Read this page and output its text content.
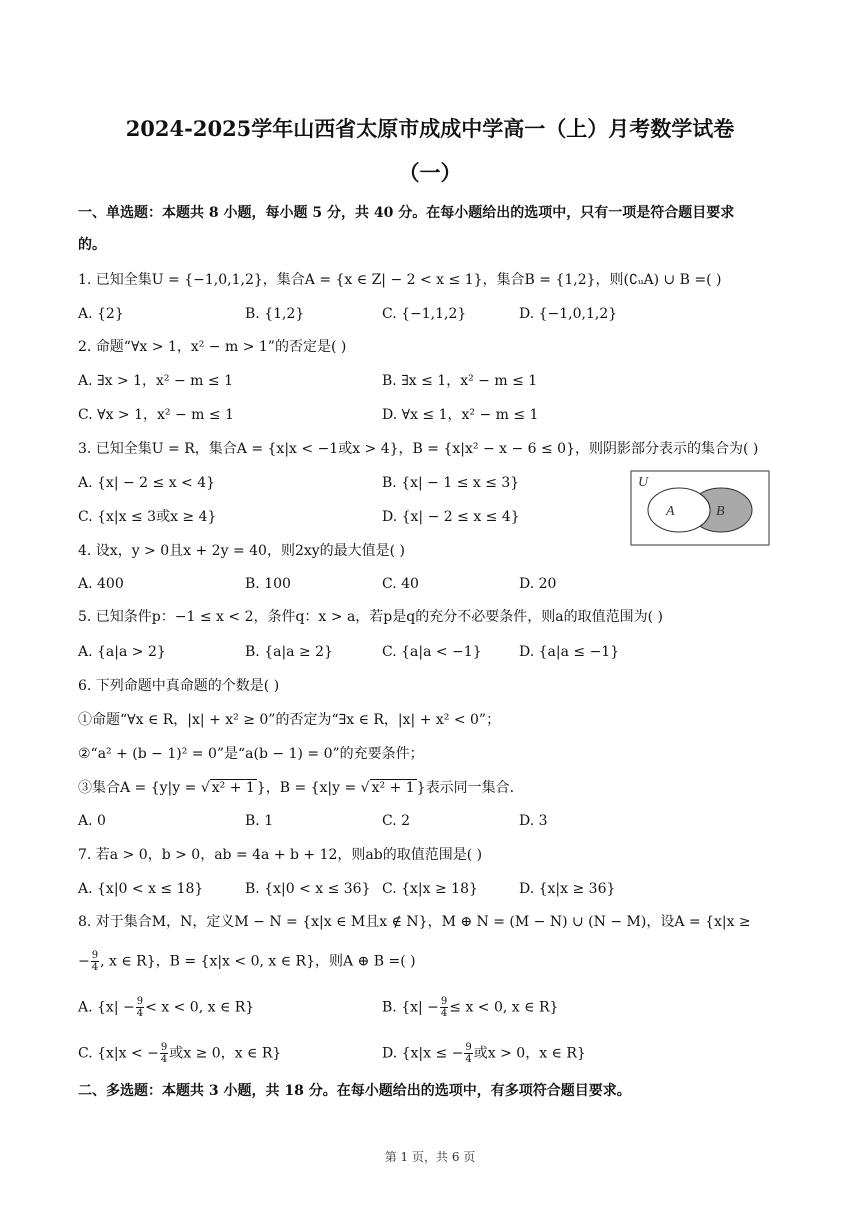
2024-2025学年山西省太原市成成中学高一（上）月考数学试卷
（一）
一、单选题：本题共 8 小题，每小题 5 分，共 40 分。在每小题给出的选项中，只有一项是符合题目要求
的。
1. 已知全集U = {−1,0,1,2}，集合A = {x ∈ Z| − 2 < x ≤ 1}，集合B = {1,2}，则(∁ᵤA) ∪ B =( )
A. {2}	B. {1,2}	C. {−1,1,2}	D. {−1,0,1,2}
2. 命题“∀x > 1，x² − m > 1”的否定是( )
A. ∃x > 1，x² − m ≤ 1	B. ∃x ≤ 1，x² − m ≤ 1
C. ∀x > 1，x² − m ≤ 1	D. ∀x ≤ 1，x² − m ≤ 1
3. 已知全集U = R，集合A = {x|x < −1或x > 4}，B = {x|x² − x − 6 ≤ 0}，则阴影部分表示的集合为( )
A. {x| − 2 ≤ x < 4}	B. {x| − 1 ≤ x ≤ 3}
C. {x|x ≤ 3或x ≥ 4}	D. {x| − 2 ≤ x ≤ 4}
U
A	B
4. 设x，y > 0且x + 2y = 40，则2xy的最大值是( )
A. 400	B. 100	C. 40	D. 20
5. 已知条件p：−1 ≤ x < 2，条件q：x > a，若p是q的充分不必要条件，则a的取值范围为( )
A. {a|a > 2}	B. {a|a ≥ 2}	C. {a|a < −1}	D. {a|a ≤ −1}
6. 下列命题中真命题的个数是( )
①命题“∀x ∈ R，|x| + x² ≥ 0”的否定为“∃x ∈ R，|x| + x² < 0”；
②“a² + (b − 1)² = 0”是“a(b − 1) = 0”的充要条件；
③集合A = {y|y = √ x² + 1 }，B = {x|y = √ x² + 1 }表示同一集合.
A. 0	B. 1	C. 2	D. 3
7. 若a > 0，b > 0，ab = 4a + b + 12，则ab的取值范围是( )
A. {x|0 < x ≤ 18}	B. {x|0 < x ≤ 36} C. {x|x ≥ 18}	D. {x|x ≥ 36}
8. 对于集合M，N，定义M − N = {x|x ∈ M且x ∉ N}，M ⊕ N = (M − N) ∪ (N − M)，设A = {x|x ≥
− $\frac{9}{4}$ , x ∈ R}，B = {x|x < 0, x ∈ R}，则A ⊕ B =( )
A. {$x| - \frac{9}{4} < x < 0$, x ∈ R}	B. {$x| - \frac{9}{4} \le x < 0$, x ∈ R}
C. {x|x < − $\frac{9}{4}$ 或x ≥ 0，x ∈ R}	D. {x|x ≤ − $\frac{9}{4}$ 或x > 0，x ∈ R}
二、多选题：本题共 3 小题，共 18 分。在每小题给出的选项中，有多项符合题目要求。
第 1 页，共 6 页
